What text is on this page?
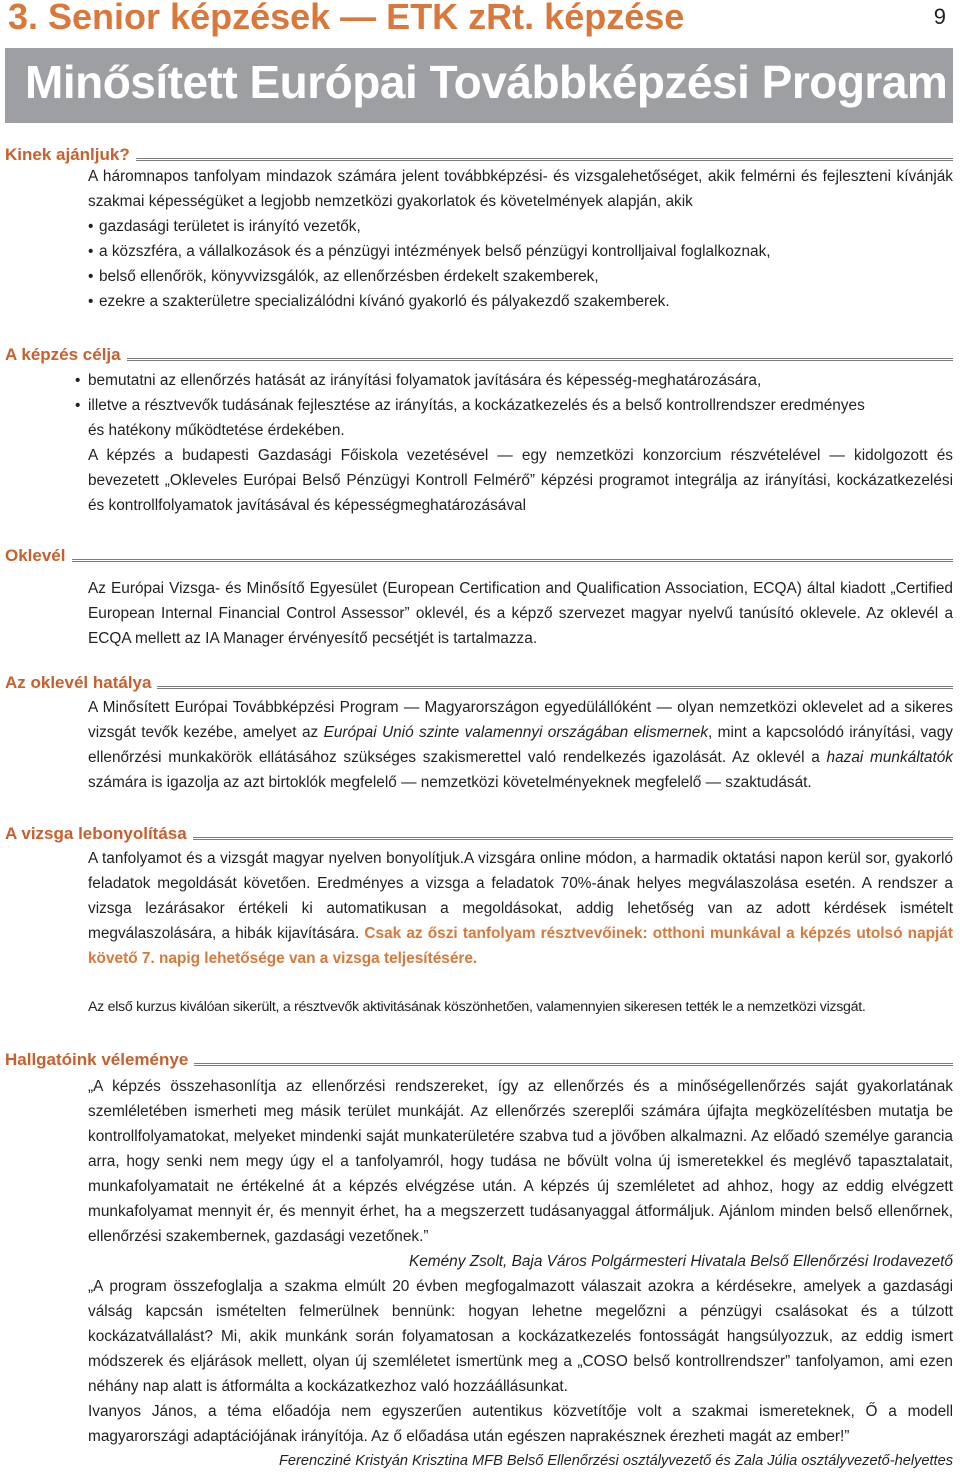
3. Senior képzések — ETK zRt. képzése	9
Minősített Európai Továbbképzési Program
Kinek ajánljuk?

A háromnapos tanfolyam mindazok számára jelent továbbképzési- és vizsgalehetőséget, akik felmérni és fejleszteni kívánják szakmai képességüket a legjobb nemzetközi gyakorlatok és követelmények alapján, akik

• gazdasági területet is irányító vezetők,
• a közszféra, a vállalkozások és a pénzügyi intézmények belső pénzügyi kontrolljaival foglalkoznak,
• belső ellenőrök, könyvvizsgálók, az ellenőrzésben érdekelt szakemberek,
• ezekre a szakterületre specializálódni kívánó gyakorló és pályakezdő szakemberek.
A képzés célja
• bemutatni az ellenőrzés hatását az irányítási folyamatok javítására és képesség-meghatározására,
• illetve a résztvevők tudásának fejlesztése az irányítás, a kockázatkezelés és a belső kontrollrendszer eredményes

és hatékony működtetése érdekében.

A képzés a budapesti Gazdasági Főiskola vezetésével — egy nemzetközi konzorcium részvételével — kidolgozott és bevezetett „Okleveles Európai Belső Pénzügyi Kontroll Felmérő” képzési programot integrálja az irányítási, kockázatkezelési és kontrollfolyamatok javításával és képességmeghatározásával

Oklevél

Az Európai Vizsga- és Minősítő Egyesület (European Certification and Qualification Association, ECQA) által kiadott „Certified European Internal Financial Control Assessor” oklevél, és a képző szervezet magyar nyelvű tanúsító oklevele. Az oklevél a ECQA mellett az IA Manager érvényesítő pecsétjét is tartalmazza.

Az oklevél hatálya

A Minősített Európai Továbbképzési Program — Magyarországon egyedülállóként — olyan nemzetközi oklevelet ad a sikeres vizsgát tevők kezébe, amelyet az Európai Unió szinte valamennyi országában elismernek, mint a kapcsolódó irányítási, vagy ellenőrzési munkakörök ellátásához szükséges szakismerettel való rendelkezés igazolását. Az oklevél a hazai munkáltatók számára is igazolja az azt birtoklók megfelelő — nemzetközi követelményeknek megfelelő — szaktudását.

A vizsga lebonyolítása

A tanfolyamot és a vizsgát magyar nyelven bonyolítjuk.A vizsgára online módon, a harmadik oktatási napon kerül sor, gyakorló feladatok megoldását követően. Eredményes a vizsga a feladatok 70%-ának helyes megválaszolása esetén. A rendszer a vizsga lezárásakor értékeli ki automatikusan a megoldásokat, addig lehetőség van az adott kérdések ismételt megválaszolására, a hibák kijavítására. Csak az őszi tanfolyam résztvevőinek: otthoni munkával a képzés utolsó napját követő 7. napig lehetősége van a vizsga teljesítésére.

Az első kurzus kiválóan sikerült, a résztvevők aktivitásának köszönhetően, valamennyien sikeresen tették le a nemzetközi vizsgát.

Hallgatóink véleménye

„A képzés összehasonlítja az ellenőrzési rendszereket, így az ellenőrzés és a minőségellenőrzés saját gyakorlatának szemléletében ismerheti meg másik terület munkáját. Az ellenőrzés szereplői számára újfajta megközelítésben mutatja be kontrollfolyamatokat, melyeket mindenki saját munkaterületére szabva tud a jövőben alkalmazni. Az előadó személye garancia arra, hogy senki nem megy úgy el a tanfolyamról, hogy tudása ne bővült volna új ismeretekkel és meglévő tapasztalatait, munkafolyamatait ne értékelné át a képzés elvégzése után. A képzés új szemléletet ad ahhoz, hogy az eddig elvégzett munkafolyamat mennyit ér, és mennyit érhet, ha a megszerzett tudásanyaggal átformáljuk. Ajánlom minden belső ellenőrnek, ellenőrzési szakembernek, gazdasági vezetőnek.”

Kemény Zsolt, Baja Város Polgármesteri Hivatala Belső Ellenőrzési Irodavezető

„A program összefoglalja a szakma elmúlt 20 évben megfogalmazott válaszait azokra a kérdésekre, amelyek a gazdasági válság kapcsán ismételten felmerülnek bennünk: hogyan lehetne megelőzni a pénzügyi csalásokat és a túlzott kockázatvállalást? Mi, akik munkánk során folyamatosan a kockázatkezelés fontosságát hangsúlyozzuk, az eddig ismert módszerek és eljárások mellett, olyan új szemléletet ismertünk meg a „COSO belső kontrollrendszer” tanfolyamon, ami ezen néhány nap alatt is átformálta a kockázatkezhoz való hozzáállásunkat.

Ivanyos János, a téma előadója nem egyszerűen autentikus közvetítője volt a szakmai ismereteknek, Ő a modell magyarországi adaptációjának irányítója. Az ő előadása után egészen naprakésznek érezheti magát az ember!”

Ferencziné Kristyán Krisztina MFB Belső Ellenőrzési osztályvezető és Zala Júlia osztályvezető-helyettes
